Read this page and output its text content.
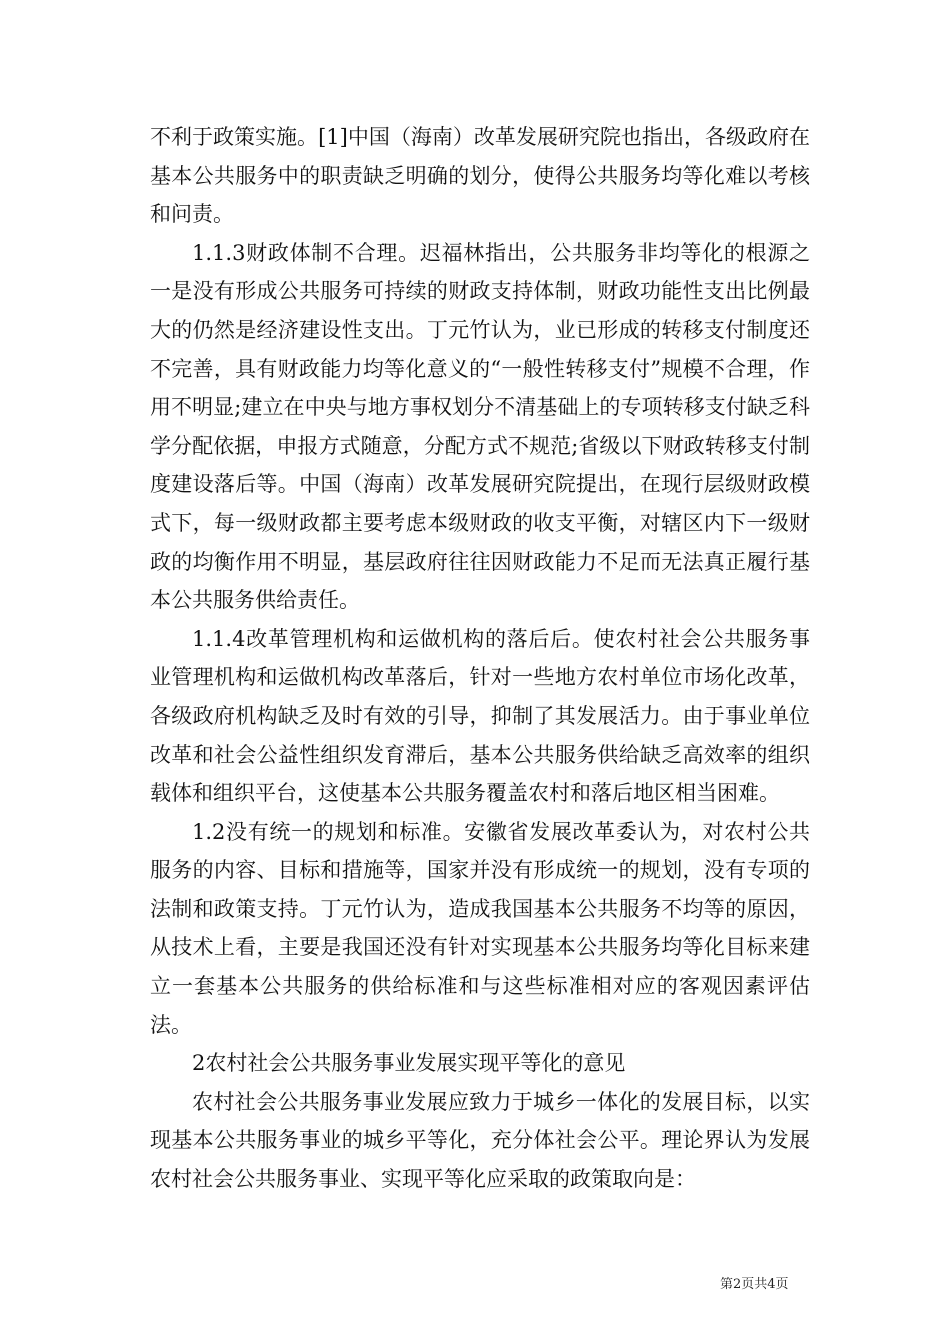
不利于政策实施。[1]中国（海南）改革发展研究院也指出，各级政府在基本公共服务中的职责缺乏明确的划分，使得公共服务均等化难以考核和问责。

1.1.3财政体制不合理。迟福林指出，公共服务非均等化的根源之一是没有形成公共服务可持续的财政支持体制，财政功能性支出比例最大的仍然是经济建设性支出。丁元竹认为，业已形成的转移支付制度还不完善，具有财政能力均等化意义的“一般性转移支付”规模不合理，作用不明显;建立在中央与地方事权划分不清基础上的专项转移支付缺乏科学分配依据，申报方式随意，分配方式不规范;省级以下财政转移支付制度建设落后等。中国（海南）改革发展研究院提出，在现行层级财政模式下，每一级财政都主要考虑本级财政的收支平衡，对辖区内下一级财政的均衡作用不明显，基层政府往往因财政能力不足而无法真正履行基本公共服务供给责任。

1.1.4改革管理机构和运做机构的落后后。使农村社会公共服务事业管理机构和运做机构改革落后，针对一些地方农村单位市场化改革，各级政府机构缺乏及时有效的引导，抑制了其发展活力。由于事业单位改革和社会公益性组织发育滞后，基本公共服务供给缺乏高效率的组织载体和组织平台，这使基本公共服务覆盖农村和落后地区相当困难。

1.2没有统一的规划和标准。安徽省发展改革委认为，对农村公共服务的内容、目标和措施等，国家并没有形成统一的规划，没有专项的法制和政策支持。丁元竹认为，造成我国基本公共服务不均等的原因，从技术上看，主要是我国还没有针对实现基本公共服务均等化目标来建立一套基本公共服务的供给标准和与这些标准相对应的客观因素评估法。

2农村社会公共服务事业发展实现平等化的意见

农村社会公共服务事业发展应致力于城乡一体化的发展目标，以实现基本公共服务事业的城乡平等化，充分体社会公平。理论界认为发展农村社会公共服务事业、实现平等化应采取的政策取向是：

第2页共4页
